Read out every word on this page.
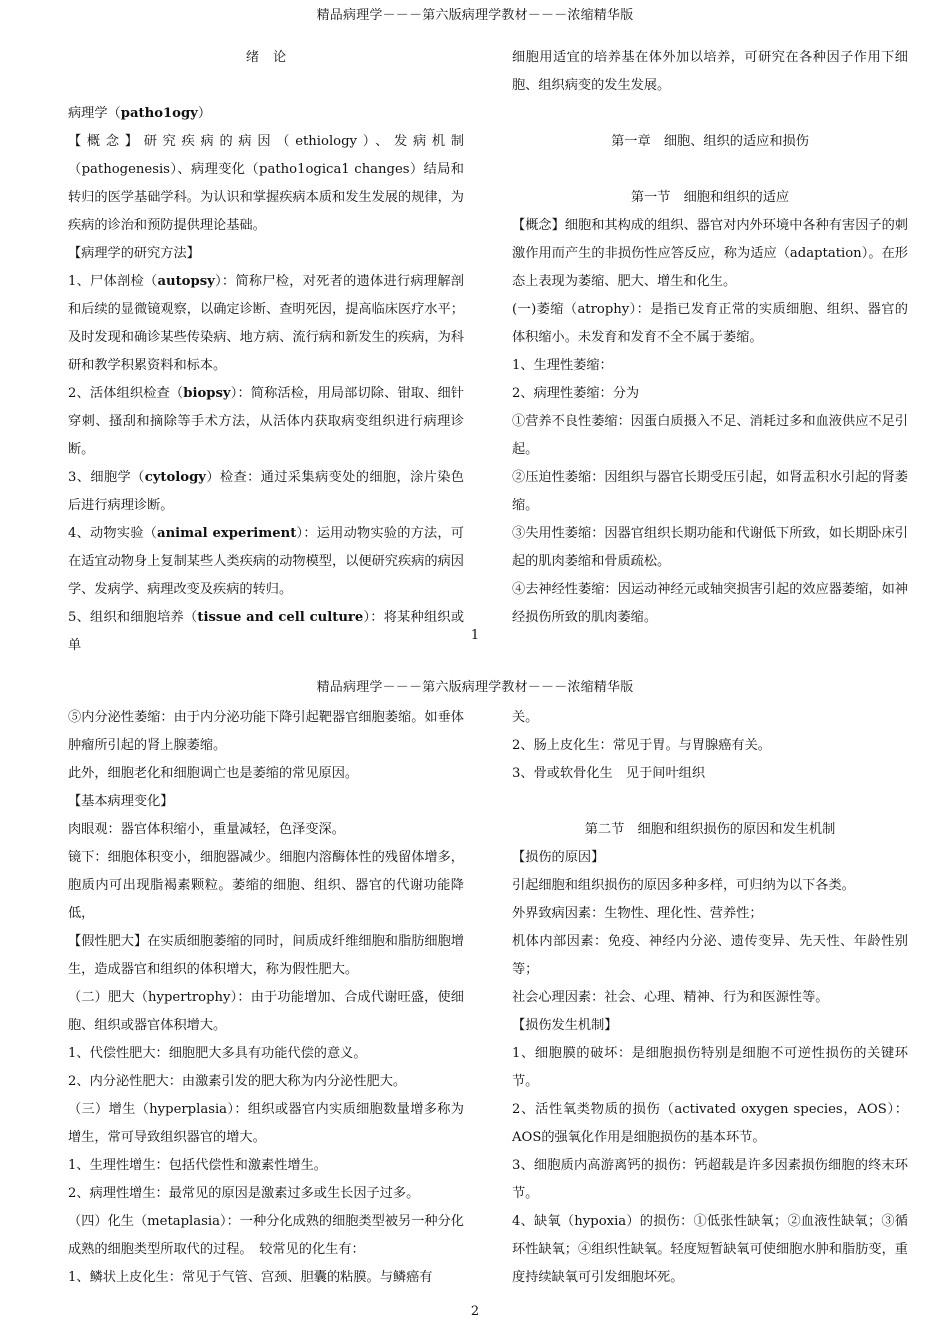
精品病理学－－－第六版病理学教材－－－浓缩精华版

绪论

病理学（patho1ogy）

【概念】研究疾病的病因（ethiology）、发病机制（pathogenesis）、病理变化（patho1ogica1 changes）结局和转归的医学基础学科。为认识和掌握疾病本质和发生发展的规律，为疾病的诊治和预防提供理论基础。

【病理学的研究方法】

1、尸体剖检（autopsy）：简称尸检，对死者的遗体进行病理解剖和后续的显微镜观察，以确定诊断、查明死因，提高临床医疗水平；及时发现和确诊某些传染病、地方病、流行病和新发生的疾病，为科研和教学积累资料和标本。

2、活体组织检查（biopsy）：简称活检，用局部切除、钳取、细针穿刺、搔刮和摘除等手术方法，从活体内获取病变组织进行病理诊断。

3、细胞学（cytology）检查：通过采集病变处的细胞，涂片染色后进行病理诊断。

4、动物实验（animal experiment）：运用动物实验的方法，可在适宜动物身上复制某些人类疾病的动物模型，以便研究疾病的病因学、发病学、病理改变及疾病的转归。

5、组织和细胞培养（tissue and cell culture）：将某种组织或单

细胞用适宜的培养基在体外加以培养，可研究在各种因子作用下细胞、组织病变的发生发展。

第一章　细胞、组织的适应和损伤

第一节　细胞和组织的适应

【概念】细胞和其构成的组织、器官对内外环境中各种有害因子的刺激作用而产生的非损伤性应答反应，称为适应（adaptation）。在形态上表现为萎缩、肥大、增生和化生。

(一)萎缩（atrophy）：是指已发育正常的实质细胞、组织、器官的体积缩小。未发育和发育不全不属于萎缩。

1、生理性萎缩：

2、病理性萎缩：分为

①营养不良性萎缩：因蛋白质摄入不足、消耗过多和血液供应不足引起。

②压迫性萎缩：因组织与器官长期受压引起，如肾盂积水引起的肾萎缩。

③失用性萎缩：因器官组织长期功能和代谢低下所致，如长期卧床引起的肌肉萎缩和骨质疏松。

④去神经性萎缩：因运动神经元或轴突损害引起的效应器萎缩，如神经损伤所致的肌肉萎缩。

1
精品病理学－－－第六版病理学教材－－－浓缩精华版

⑤内分泌性萎缩：由于内分泌功能下降引起靶器官细胞萎缩。如垂体肿瘤所引起的肾上腺萎缩。

此外，细胞老化和细胞调亡也是萎缩的常见原因。

【基本病理变化】

肉眼观：器官体积缩小，重量减轻，色泽变深。

镜下：细胞体积变小，细胞器减少。细胞内溶酶体性的残留体增多，胞质内可出现脂褐素颗粒。萎缩的细胞、组织、器官的代谢功能降低，

【假性肥大】在实质细胞萎缩的同时，间质成纤维细胞和脂肪细胞增生，造成器官和组织的体积增大，称为假性肥大。

（二）肥大（hypertrophy）：由于功能增加、合成代谢旺盛，使细胞、组织或器官体积增大。

1、代偿性肥大：细胞肥大多具有功能代偿的意义。

2、内分泌性肥大：由激素引发的肥大称为内分泌性肥大。

（三）增生（hyperplasia）：组织或器官内实质细胞数量增多称为增生，常可导致组织器官的增大。

1、生理性增生：包括代偿性和激素性增生。

2、病理性增生：最常见的原因是激素过多或生长因子过多。

（四）化生（metaplasia）：一种分化成熟的细胞类型被另一种分化成熟的细胞类型所取代的过程。　较常见的化生有：

1、鳞状上皮化生：常见于气管、宫颈、胆囊的粘膜。与鳞癌有

关。

2、肠上皮化生：常见于胃。与胃腺癌有关。

3、骨或软骨化生　见于间叶组织

第二节　细胞和组织损伤的原因和发生机制

【损伤的原因】

引起细胞和组织损伤的原因多种多样，可归纳为以下各类。

外界致病因素：生物性、理化性、营养性；

机体内部因素：免疫、神经内分泌、遗传变异、先天性、年龄性别等；

社会心理因素：社会、心理、精神、行为和医源性等。

【损伤发生机制】

1、细胞膜的破坏：是细胞损伤特别是细胞不可逆性损伤的关键环节。

2、活性氧类物质的损伤（activated oxygen species，AOS）：AOS的强氧化作用是细胞损伤的基本环节。

3、细胞质内高游离钙的损伤：钙超载是许多因素损伤细胞的终末环节。

4、缺氧（hypoxia）的损伤：①低张性缺氧；②血液性缺氧；③循环性缺氧；④组织性缺氧。轻度短暂缺氧可使细胞水肿和脂肪变，重度持续缺氧可引发细胞坏死。

2
